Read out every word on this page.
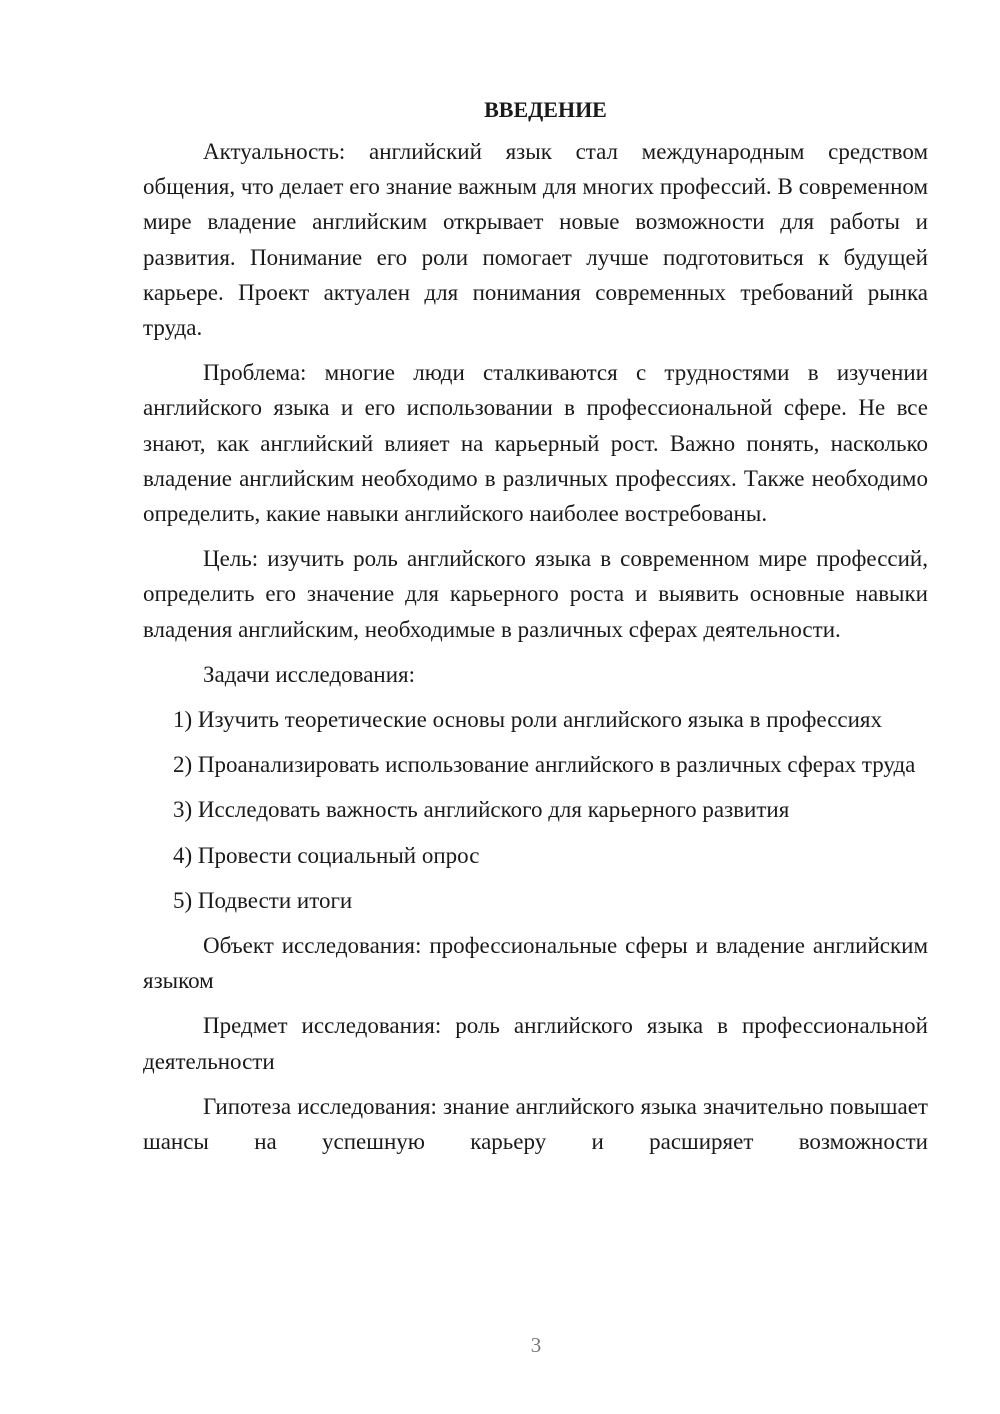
ВВЕДЕНИЕ

Актуальность: английский язык стал международным средством общения, что делает его знание важным для многих профессий. В современном мире владение английским открывает новые возможности для работы и развития. Понимание его роли помогает лучше подготовиться к будущей карьере. Проект актуален для понимания современных требований рынка труда.

Проблема: многие люди сталкиваются с трудностями в изучении английского языка и его использовании в профессиональной сфере. Не все знают, как английский влияет на карьерный рост. Важно понять, насколько владение английским необходимо в различных профессиях. Также необходимо определить, какие навыки английского наиболее востребованы.

Цель: изучить роль английского языка в современном мире профессий, определить его значение для карьерного роста и выявить основные навыки владения английским, необходимые в различных сферах деятельности.

Задачи исследования:

1) Изучить теоретические основы роли английского языка в профессиях

2) Проанализировать использование английского в различных сферах труда

3) Исследовать важность английского для карьерного развития

4) Провести социальный опрос

5) Подвести итоги

Объект исследования: профессиональные сферы и владение английским языком

Предмет исследования: роль английского языка в профессиональной деятельности

Гипотеза исследования: знание английского языка значительно повышает шансы на успешную карьеру и расширяет возможности

3
